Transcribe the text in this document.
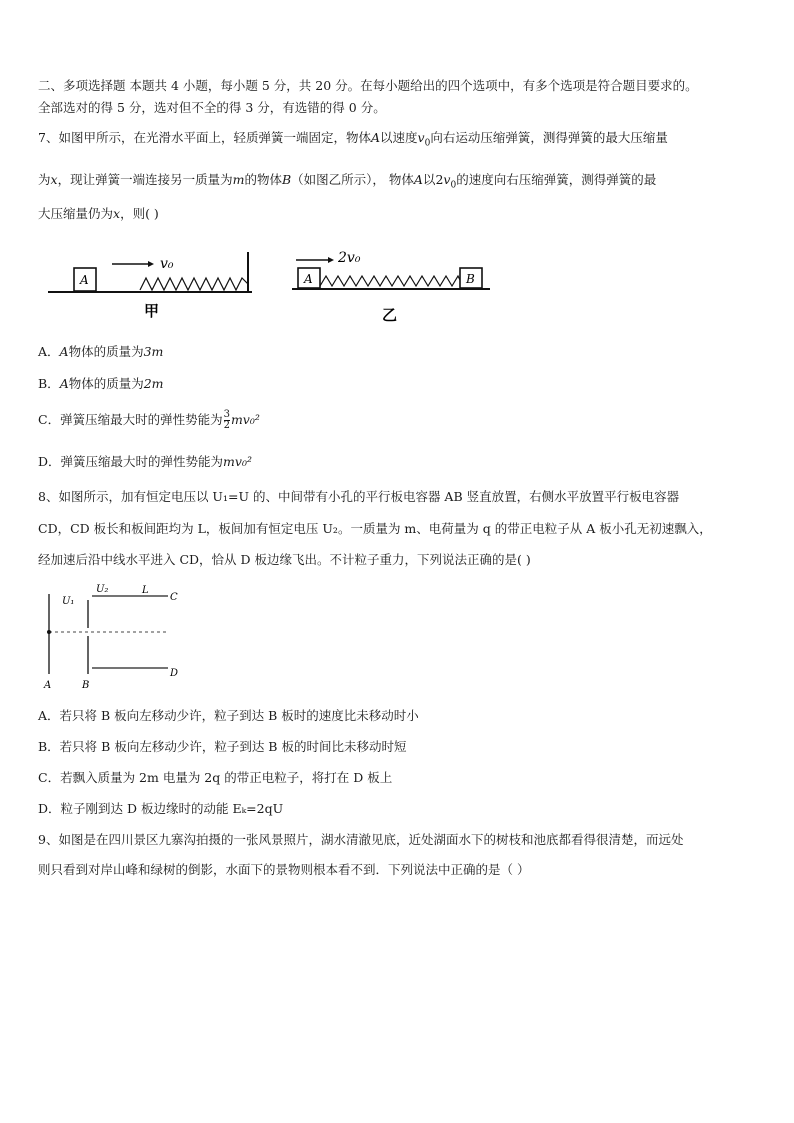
二、多项选择题 本题共 4 小题，每小题 5 分，共 20 分。在每小题给出的四个选项中，有多个选项是符合题目要求的。
全部选对的得 5 分，选对但不全的得 3 分，有选错的得 0 分。
7、如图甲所示，在光滑水平面上，轻质弹簧一端固定，物体A以速度$v_0$向右运动压缩弹簧，测得弹簧的最大压缩量
为x，现让弹簧一端连接另一质量为m的物体B（如图乙所示）， 物体A以$2v_0$的速度向右压缩弹簧，测得弹簧的最
大压缩量仍为x，则( )
A
v₀
甲
A	B
2v₀
乙
A．A物体的质量为3m
B．A物体的质量为2m
C．弹簧压缩最大时的弹性势能为 $\frac{3}{2} mv_0^2$
D．弹簧压缩最大时的弹性势能为mv₀²
8、如图所示，加有恒定电压以 U₁=U 的、中间带有小孔的平行板电容器 AB 竖直放置，右侧水平放置平行板电容器
CD，CD 板长和板间距均为 L，板间加有恒定电压 U₂。一质量为 m、电荷量为 q 的带正电粒子从 A 板小孔无初速飘入，
经加速后沿中线水平进入 CD，恰从 D 板边缘飞出。不计粒子重力，下列说法正确的是( )
U₁
U₂	L
C
D
A	B
A．若只将 B 板向左移动少许，粒子到达 B 板时的速度比未移动时小
B．若只将 B 板向左移动少许，粒子到达 B 板的时间比未移动时短
C．若飘入质量为 2m 电量为 2q 的带正电粒子，将打在 D 板上
D．粒子刚到达 D 板边缘时的动能 Eₖ=2qU
9、如图是在四川景区九寨沟拍摄的一张风景照片，湖水清澈见底，近处湖面水下的树枝和池底都看得很清楚，而远处
则只看到对岸山峰和绿树的倒影，水面下的景物则根本看不到．下列说法中正确的是（ ）
